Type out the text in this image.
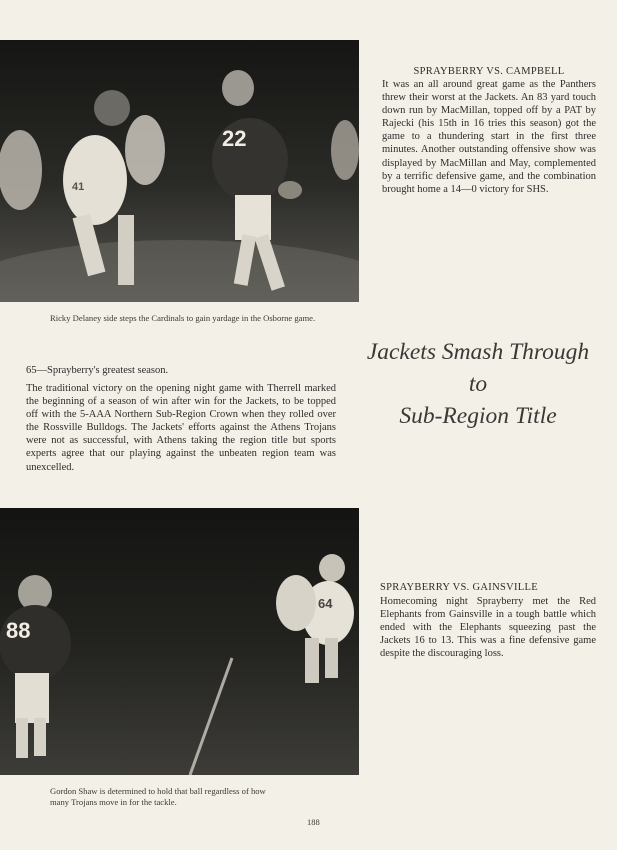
22
41
Ricky Delaney side steps the Cardinals to gain yardage in the Osborne game.
SPRAYBERRY VS. CAMPBELL
It was an all around great game as the Panthers threw their worst at the Jackets. An 83 yard touch down run by MacMillan, topped off by a PAT by Rajecki (his 15th in 16 tries this season) got the game to a thundering start in the first three minutes. Another outstanding offensive show was displayed by MacMillan and May, complemented by a terrific defensive game, and the combination brought home a 14—0 victory for SHS.
Jackets Smash Through
to
Sub-Region Title
65—Sprayberry's greatest season.
The traditional victory on the opening night game with Therrell marked the beginning of a season of win after win for the Jackets, to be topped off with the 5-AAA Northern Sub-Region Crown when they rolled over the Rossville Bulldogs. The Jackets' efforts against the Athens Trojans were not as successful, with Athens taking the region title but sports experts agree that our playing against the unbeaten region team was unexcelled.
88
64
Gordon Shaw is determined to hold that ball regardless of how many Trojans move in for the tackle.
SPRAYBERRY VS. GAINSVILLE
Homecoming night Sprayberry met the Red Elephants from Gainsville in a tough battle which ended with the Elephants squeezing past the Jackets 16 to 13. This was a fine defensive game despite the discouraging loss.
188
